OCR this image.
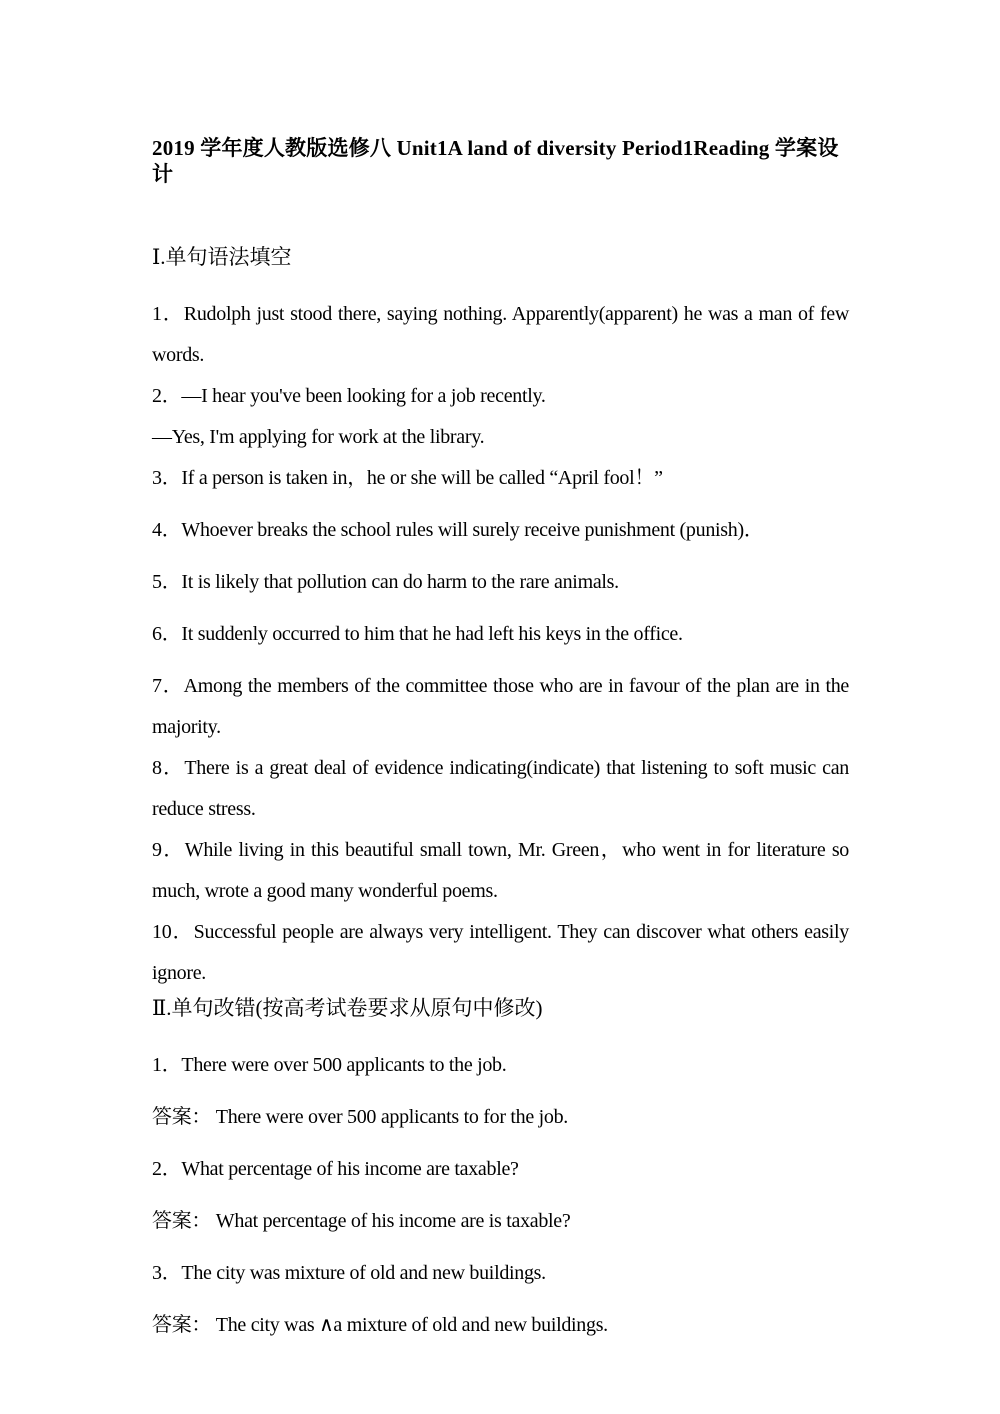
2019 学年度人教版选修八 Unit1A land of diversity Period1Reading 学案设计
Ⅰ.单句语法填空

1．Rudolph just stood there, saying nothing. Apparently(apparent) he was a man of few words.

2．—I hear you've been looking for a job recently.

—Yes, I'm applying for work at the library.

3．If a person is taken in，he or she will be called “April fool！”

4．Whoever breaks the school rules will surely receive punishment (punish)．

5．It is likely that pollution can do harm to the rare animals.

6．It suddenly occurred to him that he had left his keys in the office.

7．Among the members of the committee those who are in favour of the plan are in the majority.

8．There is a great deal of evidence indicating(indicate) that listening to soft music can reduce stress.

9．While living in this beautiful small town, Mr. Green，who went in for literature so much, wrote a good many wonderful poems.

10．Successful people are always very intelligent. They can discover what others easily ignore.

Ⅱ.单句改错(按高考试卷要求从原句中修改)

1．There were over 500 applicants to the job.

答案： There were over 500 applicants to for the job.

2．What percentage of his income are taxable?

答案： What percentage of his income are is taxable?

3．The city was mixture of old and new buildings.

答案： The city was ∧a mixture of old and new buildings.
